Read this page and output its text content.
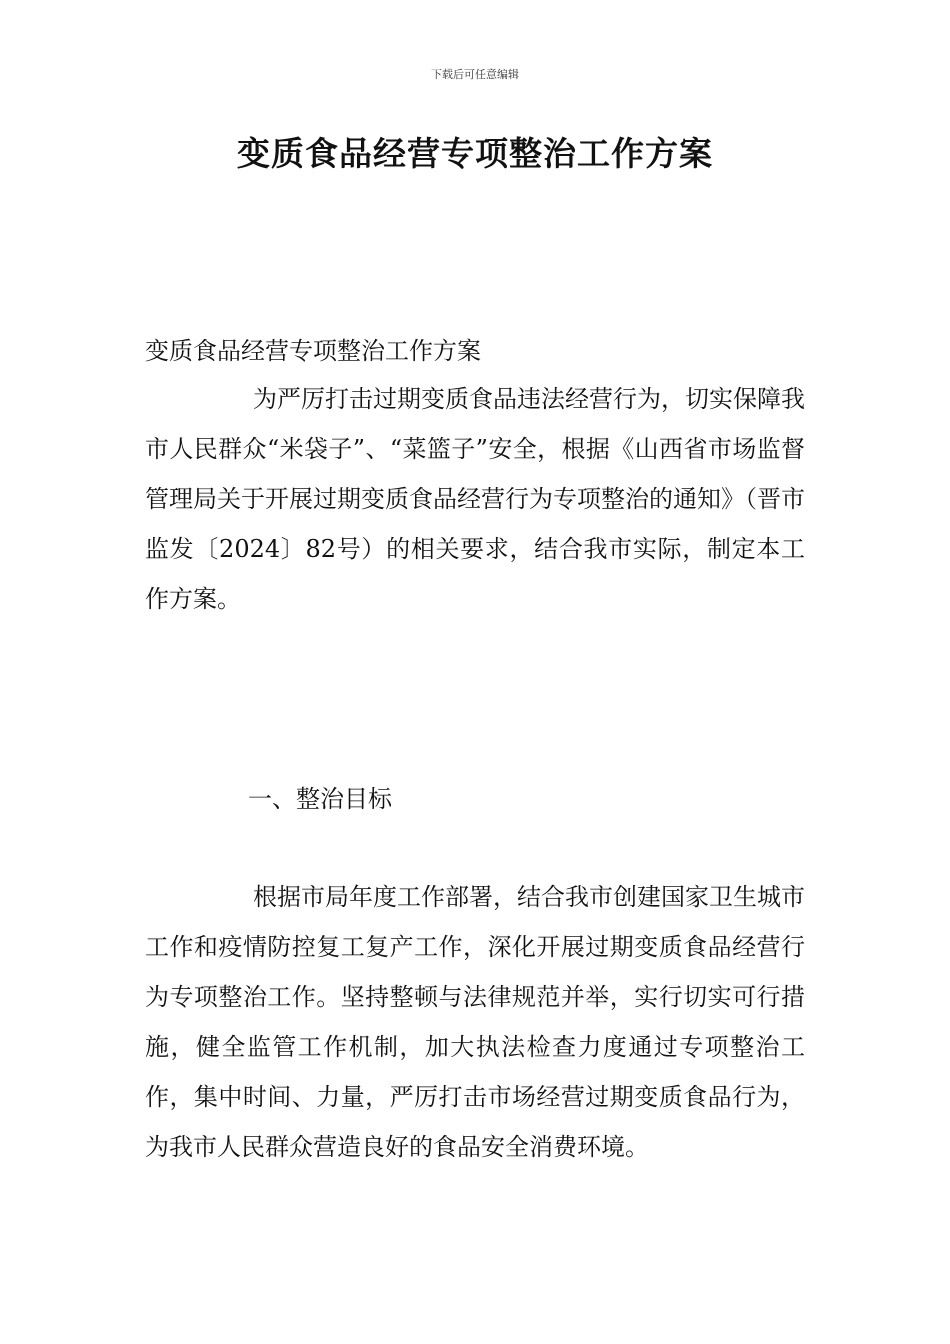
下载后可任意编辑
变质食品经营专项整治工作方案

变质食品经营专项整治工作方案

为严厉打击过期变质食品违法经营行为，切实保障我市人民群众“米袋子”、“菜篮子”安全，根据《山西省市场监督管理局关于开展过期变质食品经营行为专项整治的通知》（晋市监发〔2024〕82号）的相关要求，结合我市实际，制定本工作方案。

一、整治目标

根据市局年度工作部署，结合我市创建国家卫生城市工作和疫情防控复工复产工作，深化开展过期变质食品经营行为专项整治工作。坚持整顿与法律规范并举，实行切实可行措施，健全监管工作机制，加大执法检查力度通过专项整治工作，集中时间、力量，严厉打击市场经营过期变质食品行为，为我市人民群众营造良好的食品安全消费环境。
